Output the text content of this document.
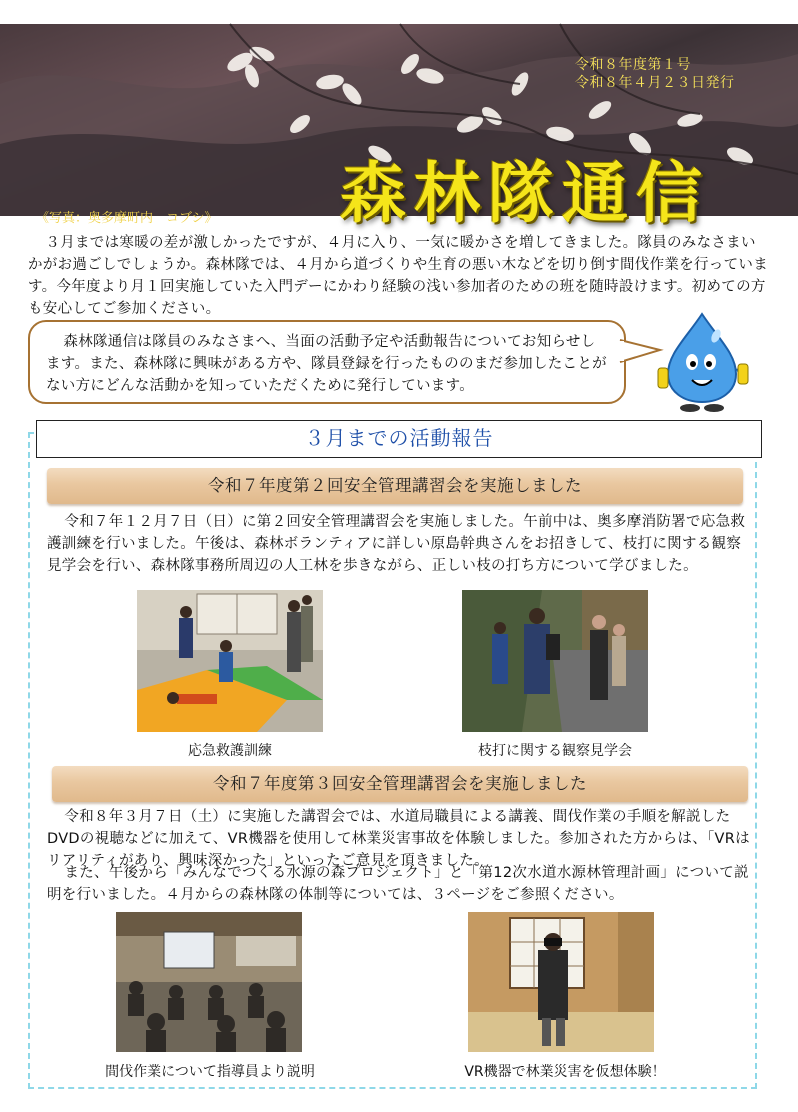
令和８年度第１号
令和８年４月２３日発行
森林隊通信
《写真：奥多摩町内　コブシ》
３月までは寒暖の差が激しかったですが、４月に入り、一気に暖かさを増してきました。隊員のみなさまいかがお過ごしでしょうか。森林隊では、４月から道づくりや生育の悪い木などを切り倒す間伐作業を行っています。今年度より月１回実施していた入門デーにかわり経験の浅い参加者のための班を随時設けます。初めての方も安心してご参加ください。
森林隊通信は隊員のみなさまへ、当面の活動予定や活動報告についてお知らせします。また、森林隊に興味がある方や、隊員登録を行ったもののまだ参加したことがない方にどんな活動かを知っていただくために発行しています。
３月までの活動報告
令和７年度第２回安全管理講習会を実施しました
令和７年１２月７日（日）に第２回安全管理講習会を実施しました。午前中は、奥多摩消防署で応急救護訓練を行いました。午後は、森林ボランティアに詳しい原島幹典さんをお招きして、枝打に関する観察見学会を行い、森林隊事務所周辺の人工林を歩きながら、正しい枝の打ち方について学びました。
応急救護訓練	枝打に関する観察見学会
令和７年度第３回安全管理講習会を実施しました
令和８年３月７日（土）に実施した講習会では、水道局職員による講義、間伐作業の手順を解説したDVDの視聴などに加えて、VR機器を使用して林業災害事故を体験しました。参加された方からは、「VRはリアリティがあり、興味深かった」といったご意見を頂きました。
また、午後から「みんなでつくる水源の森プロジェクト」と「第12次水道水源林管理計画」について説明を行いました。４月からの森林隊の体制等については、３ページをご参照ください。
間伐作業について指導員より説明	VR機器で林業災害を仮想体験！
